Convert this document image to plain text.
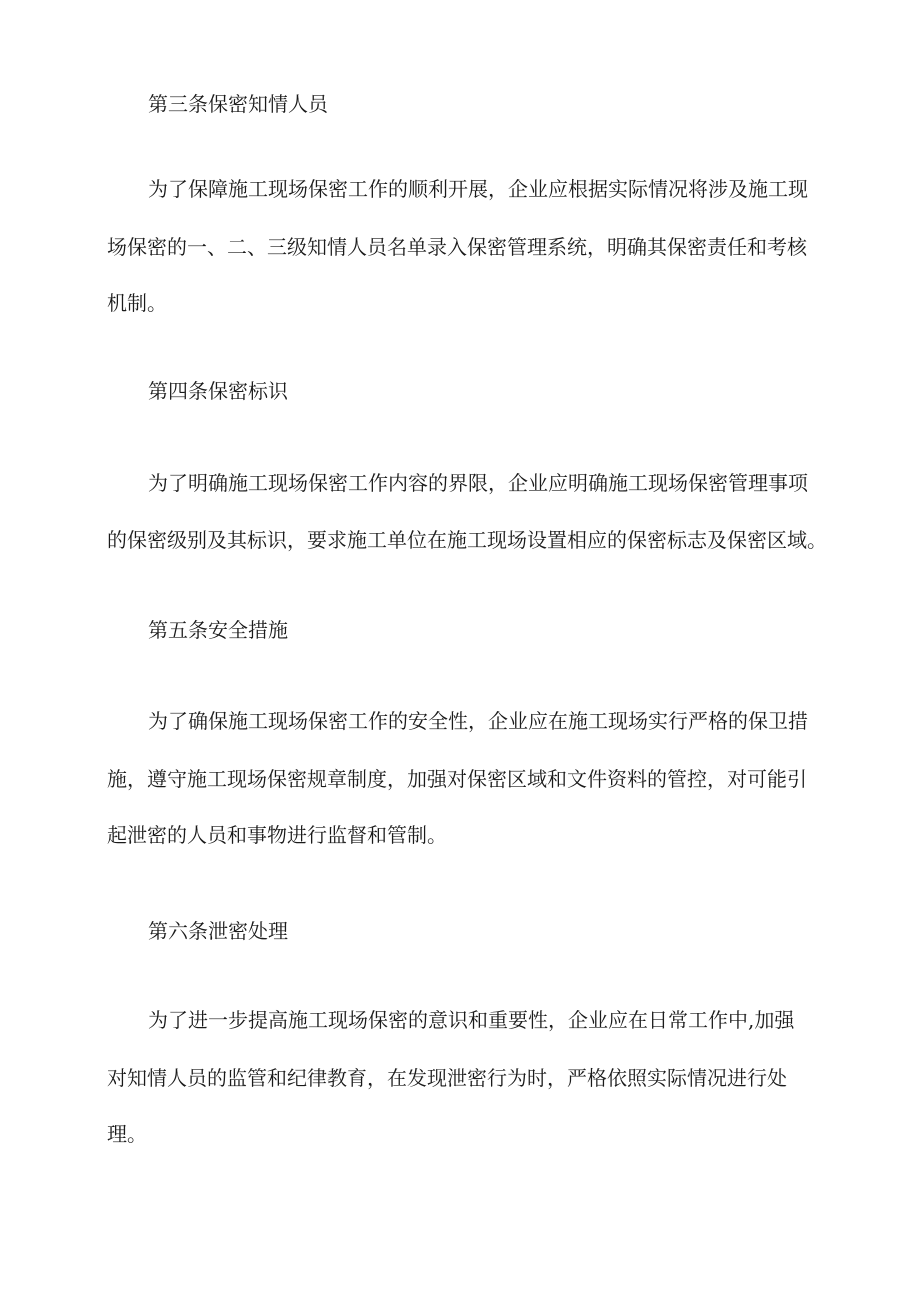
第三条保密知情人员

为了保障施工现场保密工作的顺利开展，企业应根据实际情况将涉及施工现

场保密的一、二、三级知情人员名单录入保密管理系统，明确其保密责任和考核

机制。

第四条保密标识

为了明确施工现场保密工作内容的界限，企业应明确施工现场保密管理事项

的保密级别及其标识，要求施工单位在施工现场设置相应的保密标志及保密区域。

第五条安全措施

为了确保施工现场保密工作的安全性，企业应在施工现场实行严格的保卫措

施，遵守施工现场保密规章制度，加强对保密区域和文件资料的管控，对可能引

起泄密的人员和事物进行监督和管制。

第六条泄密处理

为了进一步提高施工现场保密的意识和重要性，企业应在日常工作中,加强

对知情人员的监管和纪律教育，在发现泄密行为时，严格依照实际情况进行处

理。
